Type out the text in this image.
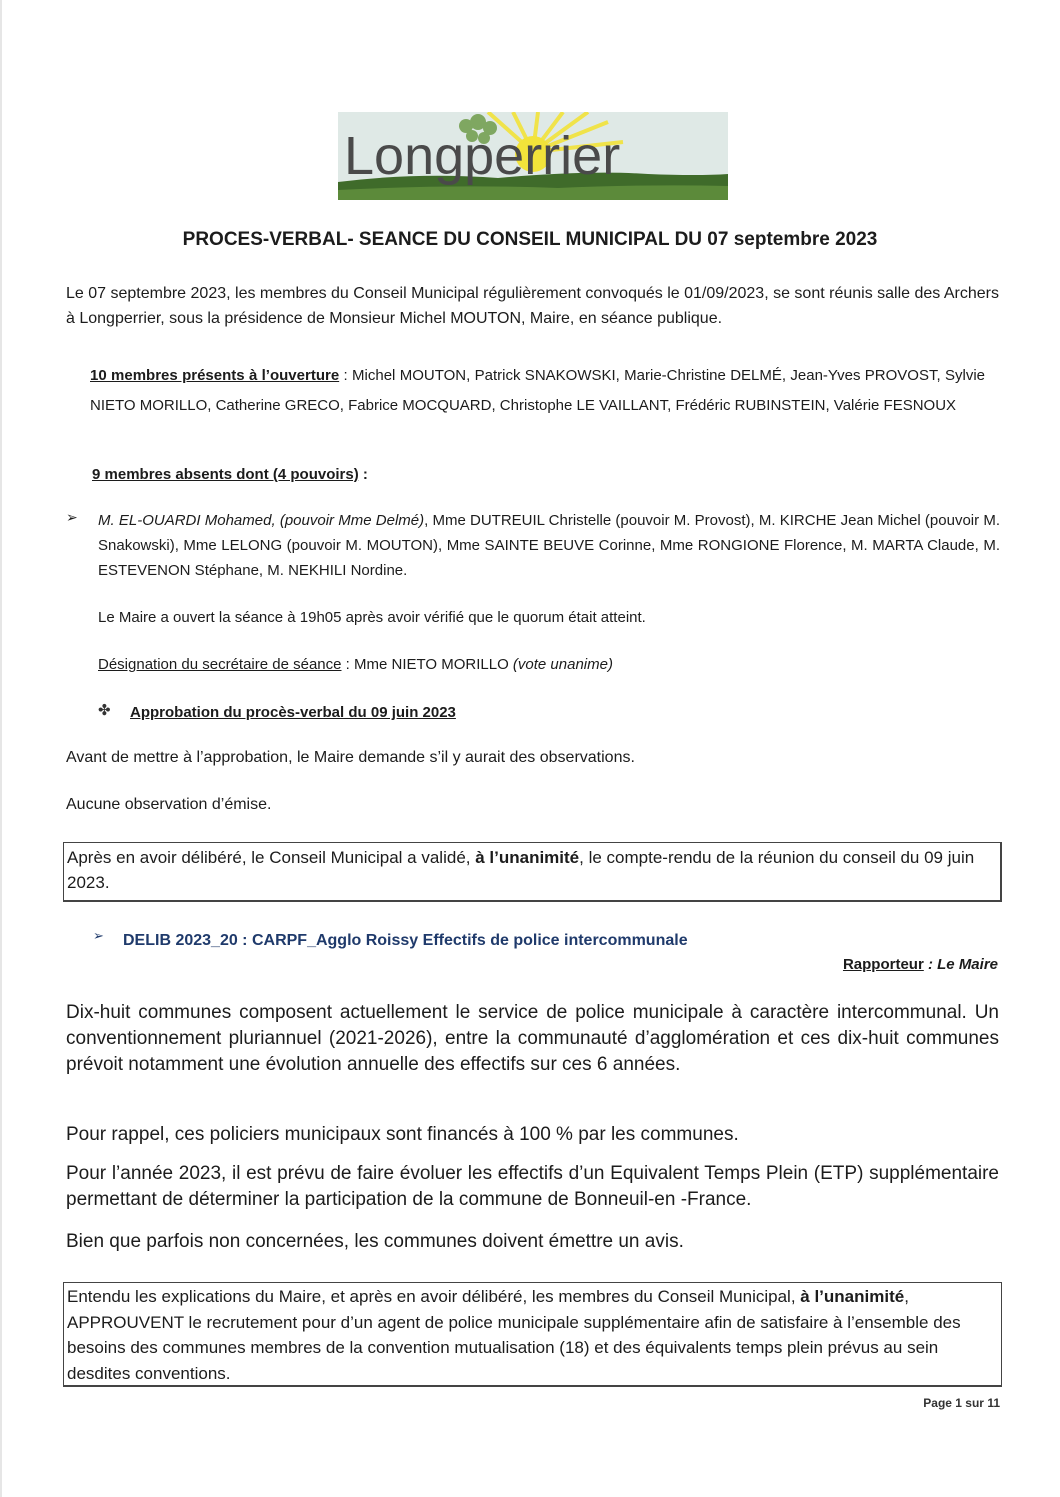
Longperrier
PROCES-VERBAL- SEANCE DU CONSEIL MUNICIPAL DU 07 septembre 2023
Le 07 septembre 2023, les membres du Conseil Municipal régulièrement convoqués le 01/09/2023, se sont réunis salle des Archers à Longperrier, sous la présidence de Monsieur Michel MOUTON, Maire, en séance publique.
10 membres présents à l’ouverture : Michel MOUTON, Patrick SNAKOWSKI, Marie-Christine DELMÉ, Jean-Yves PROVOST, Sylvie NIETO MORILLO, Catherine GRECO, Fabrice MOCQUARD, Christophe LE VAILLANT, Frédéric RUBINSTEIN, Valérie FESNOUX
9 membres absents dont (4 pouvoirs) :
➢	M. EL-OUARDI Mohamed, (pouvoir Mme Delmé), Mme DUTREUIL Christelle (pouvoir M. Provost), M. KIRCHE Jean Michel (pouvoir M. Snakowski), Mme LELONG (pouvoir M. MOUTON), Mme SAINTE BEUVE Corinne, Mme RONGIONE Florence, M. MARTA Claude, M. ESTEVENON Stéphane, M. NEKHILI Nordine.
Le Maire a ouvert la séance à 19h05 après avoir vérifié que le quorum était atteint.
Désignation du secrétaire de séance : Mme NIETO MORILLO (vote unanime)
✤ Approbation du procès-verbal du 09 juin 2023
Avant de mettre à l’approbation, le Maire demande s’il y aurait des observations.
Aucune observation d’émise.
Après en avoir délibéré, le Conseil Municipal a validé, à l’unanimité, le compte-rendu de la réunion du conseil du 09 juin 2023.
➢ DELIB 2023_20 : CARPF_Agglo Roissy Effectifs de police intercommunale
Rapporteur : Le Maire
Dix-huit communes composent actuellement le service de police municipale à caractère intercommunal. Un conventionnement pluriannuel (2021-2026), entre la communauté d’agglomération et ces dix-huit communes prévoit notamment une évolution annuelle des effectifs sur ces 6 années.
Pour rappel, ces policiers municipaux sont financés à 100 % par les communes.
Pour l’année 2023, il est prévu de faire évoluer les effectifs d’un Equivalent Temps Plein (ETP) supplémentaire permettant de déterminer la participation de la commune de Bonneuil-en -France.
Bien que parfois non concernées, les communes doivent émettre un avis.
Entendu les explications du Maire, et après en avoir délibéré, les membres du Conseil Municipal, à l’unanimité, APPROUVENT le recrutement pour d’un agent de police municipale supplémentaire afin de satisfaire à l’ensemble des besoins des communes membres de la convention mutualisation (18) et des équivalents temps plein prévus au sein desdites conventions.
Page 1 sur 11
